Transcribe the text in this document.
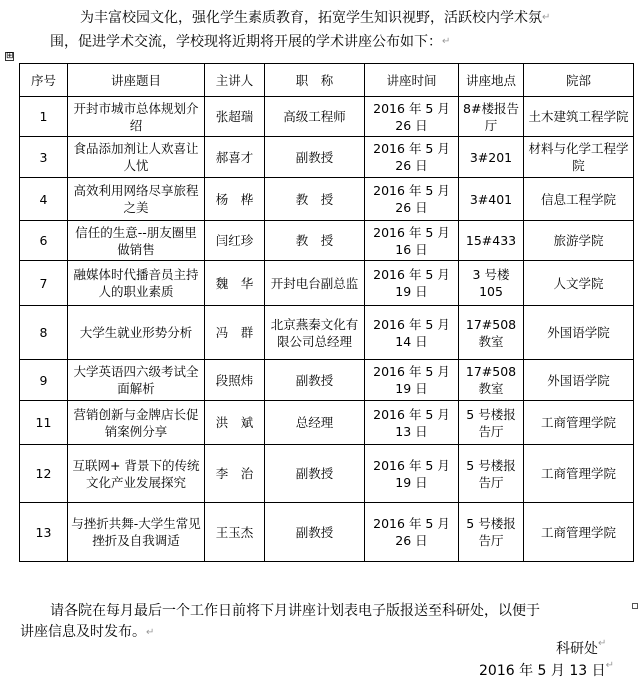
为丰富校园文化，强化学生素质教育，拓宽学生知识视野，活跃校内学术氛↵
围，促进学术交流，学校现将近期将开展的学术讲座公布如下：↵

⊞
序号	讲座题目	主讲人	职　称	讲座时间	讲座地点	院部
1	开封市城市总体规划介绍	张超瑞	高级工程师	2016 年 5 月 26 日	8#楼报告厅	土木建筑工程学院
3	食品添加剂让人欢喜让人忧	郝喜才	副教授	2016 年 5 月 26 日	3#201	材料与化学工程学院
4	高效利用网络尽享旅程之美	杨　桦	教　授	2016 年 5 月 26 日	3#401	信息工程学院
6	信任的生意--朋友圈里做销售	闫红珍	教　授	2016 年 5 月 16 日	15#433	旅游学院
7	融媒体时代播音员主持人的职业素质	魏　华	开封电台副总监	2016 年 5 月 19 日	3 号楼 105	人文学院
8	大学生就业形势分析	冯　群	北京燕秦文化有限公司总经理	2016 年 5 月 14 日	17#508 教室	外国语学院
9	大学英语四六级考试全面解析	段照炜	副教授	2016 年 5 月 19 日	17#508 教室	外国语学院
11	营销创新与金牌店长促销案例分享	洪　斌	总经理	2016 年 5 月 13 日	5 号楼报告厅	工商管理学院
12	互联网+ 背景下的传统文化产业发展探究	李　治	副教授	2016 年 5 月 19 日	5 号楼报告厅	工商管理学院
13	与挫折共舞-大学生常见挫折及自我调适	王玉杰	副教授	2016 年 5 月 26 日	5 号楼报告厅	工商管理学院

请各院在每月最后一个工作日前将下月讲座计划表电子版报送至科研处，以便于
讲座信息及时发布。↵

科研处↵
2016 年 5 月 13 日↵
